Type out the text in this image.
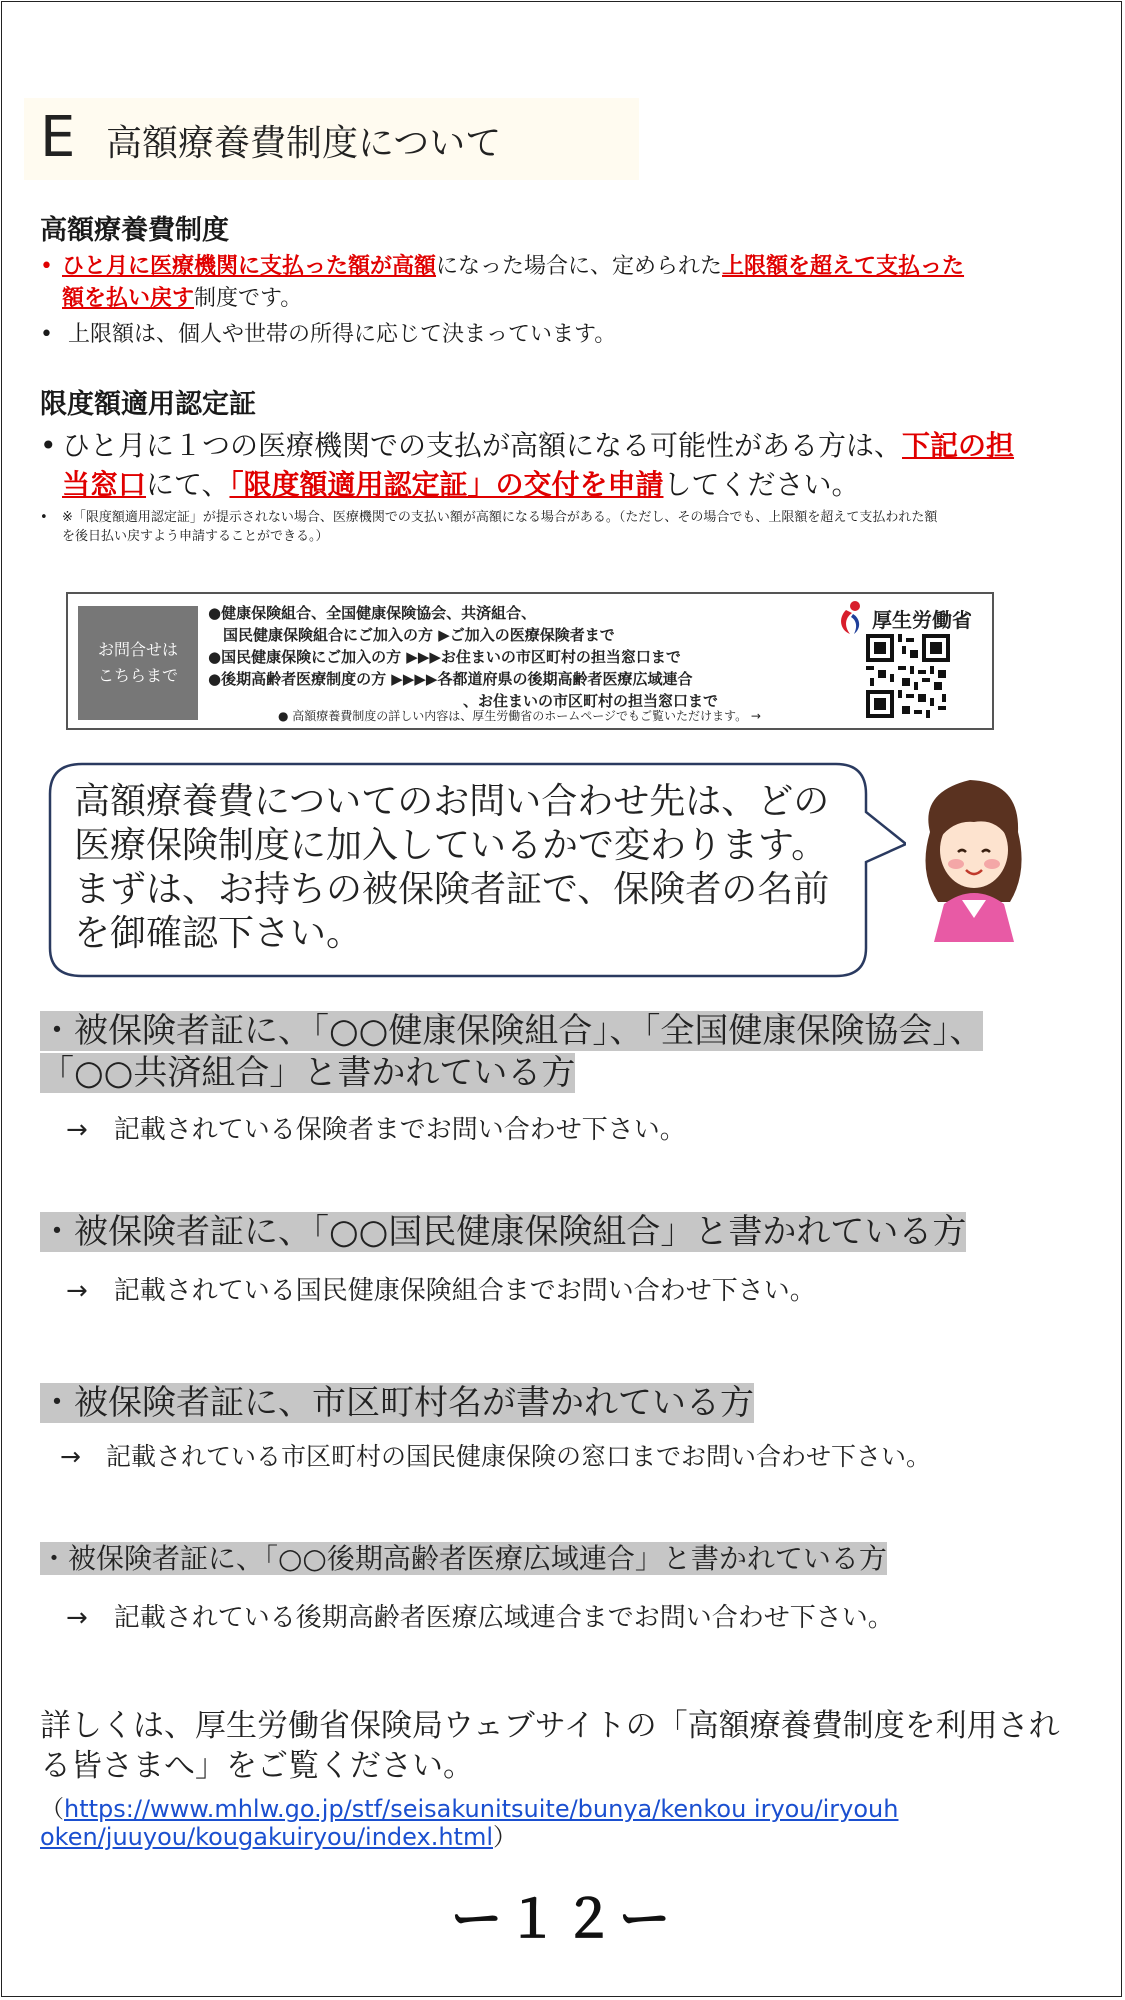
E 高額療養費制度について
高額療養費制度
• ひと月に医療機関に支払った額が高額になった場合に、定められた上限額を超えて支払った
額を払い戻す制度です。
• 上限額は、個人や世帯の所得に応じて決まっています。
限度額適用認定証
• ひと月に１つの医療機関での支払が高額になる可能性がある方は、下記の担
当窓口にて、「限度額適用認定証」の交付を申請してください。
• ※「限度額適用認定証」が提示されない場合、医療機関での支払い額が高額になる場合がある。（ただし、その場合でも、上限額を超えて支払われた額
を後日払い戻すよう申請することができる。）
お問合せは
こちらまで
●健康保険組合、全国健康保険協会、共済組合、
　国民健康保険組合にご加入の方 ▶ご加入の医療保険者まで
●国民健康保険にご加入の方 ▶▶▶お住まいの市区町村の担当窓口まで
●後期高齢者医療制度の方 ▶▶▶▶各都道府県の後期高齢者医療広域連合
　　　　　　　　　　　　　　　　　、お住まいの市区町村の担当窓口まで
厚生労働省
● 高額療養費制度の詳しい内容は、厚生労働省のホームページでもご覧いただけます。 →
高額療養費についてのお問い合わせ先は、どの医療保険制度に加入しているかで変わります。まずは、お持ちの被保険者証で、保険者の名前を御確認下さい。
・被保険者証に、「○○健康保険組合」、「全国健康保険協会」、
「○○共済組合」と書かれている方
→　記載されている保険者までお問い合わせ下さい。
・被保険者証に、「○○国民健康保険組合」と書かれている方
→　記載されている国民健康保険組合までお問い合わせ下さい。
・被保険者証に、市区町村名が書かれている方
→　記載されている市区町村の国民健康保険の窓口までお問い合わせ下さい。
・被保険者証に、「○○後期高齢者医療広域連合」と書かれている方
→　記載されている後期高齢者医療広域連合までお問い合わせ下さい。
詳しくは、厚生労働省保険局ウェブサイトの「高額療養費制度を利用される皆さまへ」をご覧ください。
（https://www.mhlw.go.jp/stf/seisakunitsuite/bunya/kenkou iryou/iryouh
oken/juuyou/kougakuiryou/index.html）
ー１２ー
